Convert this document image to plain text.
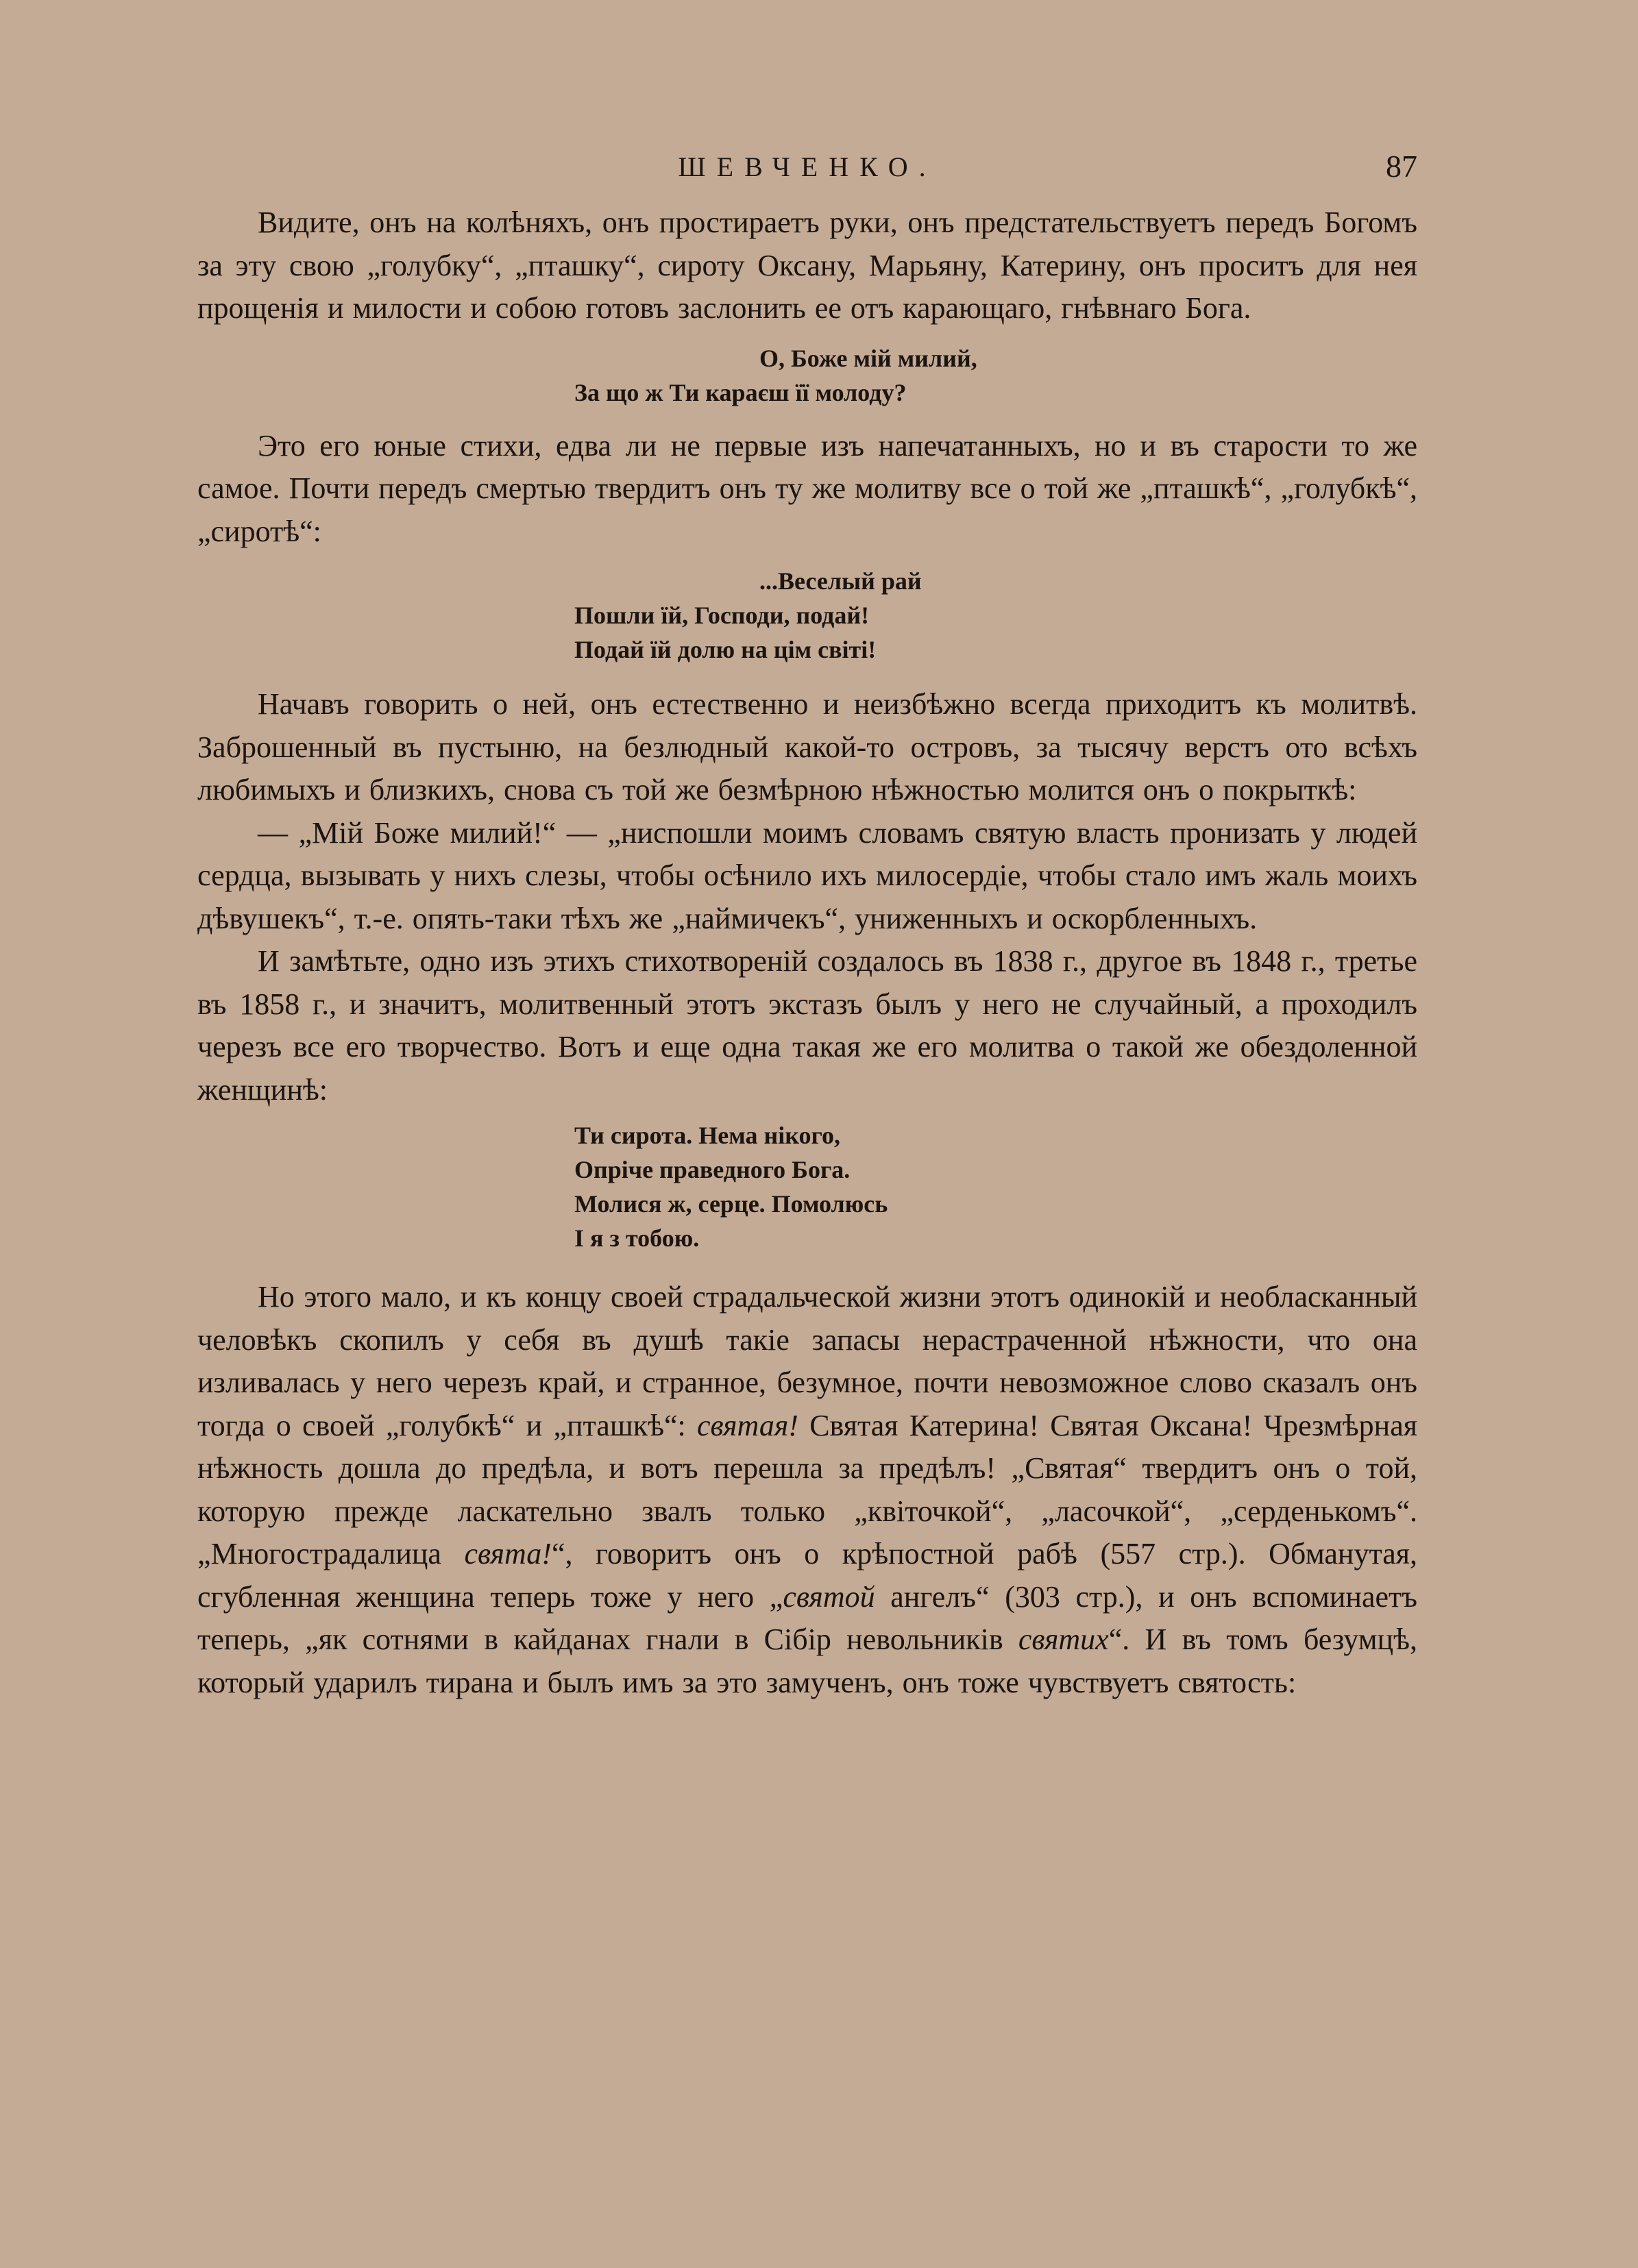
ШЕВЧЕНКО.	87

Видите, онъ на колѣняхъ, онъ простираетъ руки, онъ предстательствуетъ передъ Богомъ за эту свою „голубку“, „пташку“, сироту Оксану, Марьяну, Катерину, онъ проситъ для нея прощенія и милости и собою готовъ заслонить ее отъ карающаго, гнѣвнаго Бога.

О, Боже мій милий,
За що ж Ти караєш її молоду?

Это его юные стихи, едва ли не первые изъ напечатанныхъ, но и въ старости то же самое. Почти передъ смертью твердитъ онъ ту же молитву все о той же „пташкѣ“, „голубкѣ“, „сиротѣ“:

...Веселый рай
Пошли їй, Господи, подай!
Подай їй долю на цім світі!

Начавъ говорить о ней, онъ естественно и неизбѣжно всегда приходитъ къ молитвѣ. Заброшенный въ пустыню, на безлюдный какой-то островъ, за тысячу верстъ ото всѣхъ любимыхъ и близкихъ, снова съ той же безмѣрною нѣжностью молится онъ о покрыткѣ:

— „Мій Боже милий!“ — „ниспошли моимъ словамъ святую власть пронизать у людей сердца, вызывать у нихъ слезы, чтобы осѣнило ихъ милосердіе, чтобы стало имъ жаль моихъ дѣвушекъ“, т.-е. опять-таки тѣхъ же „наймичекъ“, униженныхъ и оскорбленныхъ.

И замѣтьте, одно изъ этихъ стихотвореній создалось въ 1838 г., другое въ 1848 г., третье въ 1858 г., и значитъ, молитвенный этотъ экстазъ былъ у него не случайный, а проходилъ черезъ все его творчество. Вотъ и еще одна такая же его молитва о такой же обездоленной женщинѣ:

Ти сирота. Нема нікого,
Опріче праведного Бога.
Молися ж, серце. Помолюсь
І я з тобою.

Но этого мало, и къ концу своей страдальческой жизни этотъ одинокій и необласканный человѣкъ скопилъ у себя въ душѣ такіе запасы нерастраченной нѣжности, что она изливалась у него черезъ край, и странное, безумное, почти невозможное слово сказалъ онъ тогда о своей „голубкѣ“ и „пташкѣ“: святая! Святая Катерина! Святая Оксана! Чрезмѣрная нѣжность дошла до предѣла, и вотъ перешла за предѣлъ! „Святая“ твердитъ онъ о той, которую прежде ласкательно звалъ только „квіточкой“, „ласочкой“, „серденькомъ“. „Многострадалица свята!“, говоритъ онъ о крѣпостной рабѣ (557 стр.). Обманутая, сгубленная женщина теперь тоже у него „святой ангелъ“ (303 стр.), и онъ вспоминаетъ теперь, „як сотнями в кайданах гнали в Сібір невольників святих“. И въ томъ безумцѣ, который ударилъ тирана и былъ имъ за это замученъ, онъ тоже чувствуетъ святость:
